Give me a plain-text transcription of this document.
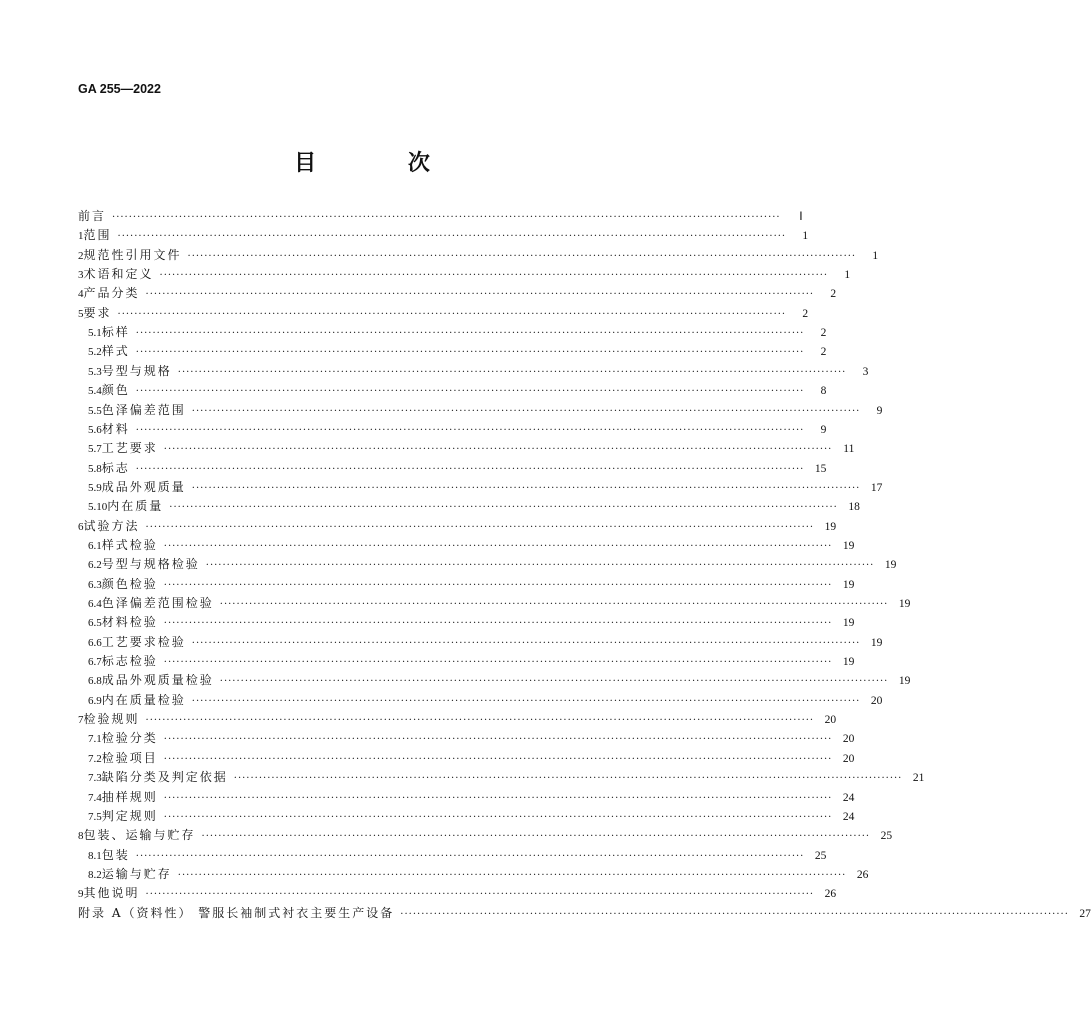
GA 255—2022
目 次
前言 ································································································································································	Ⅰ
1 范围 ································································································································································	1
2 规范性引用文件 ································································································································································	1
3 术语和定义 ································································································································································	1
4 产品分类 ································································································································································	2
5 要求 ································································································································································	2
5.1 标样 ································································································································································	2
5.2 样式 ································································································································································	2
5.3 号型与规格 ································································································································································	3
5.4 颜色 ································································································································································	8
5.5 色泽偏差范围 ································································································································································	9
5.6 材料 ································································································································································	9
5.7 工艺要求 ································································································································································ 11
5.8 标志 ································································································································································ 15
5.9 成品外观质量 ································································································································································ 17
5.10 内在质量 ································································································································································ 18
6 试验方法 ································································································································································ 19
6.1 样式检验 ································································································································································ 19
6.2 号型与规格检验 ································································································································································ 19
6.3 颜色检验 ································································································································································ 19
6.4 色泽偏差范围检验 ································································································································································ 19
6.5 材料检验 ································································································································································ 19
6.6 工艺要求检验 ································································································································································ 19
6.7 标志检验 ································································································································································ 19
6.8 成品外观质量检验 ································································································································································ 19
6.9 内在质量检验 ································································································································································ 20
7 检验规则 ································································································································································ 20
7.1 检验分类 ································································································································································ 20
7.2 检验项目 ································································································································································ 20
7.3 缺陷分类及判定依据 ································································································································································ 21
7.4 抽样规则 ································································································································································ 24
7.5 判定规则 ································································································································································ 24
8 包装、运输与贮存 ································································································································································ 25
8.1 包装 ································································································································································ 25
8.2 运输与贮存 ································································································································································ 26
9 其他说明 ································································································································································ 26
附录 A（资料性） 警服长袖制式衬衣主要生产设备 ································································································································································ 27
